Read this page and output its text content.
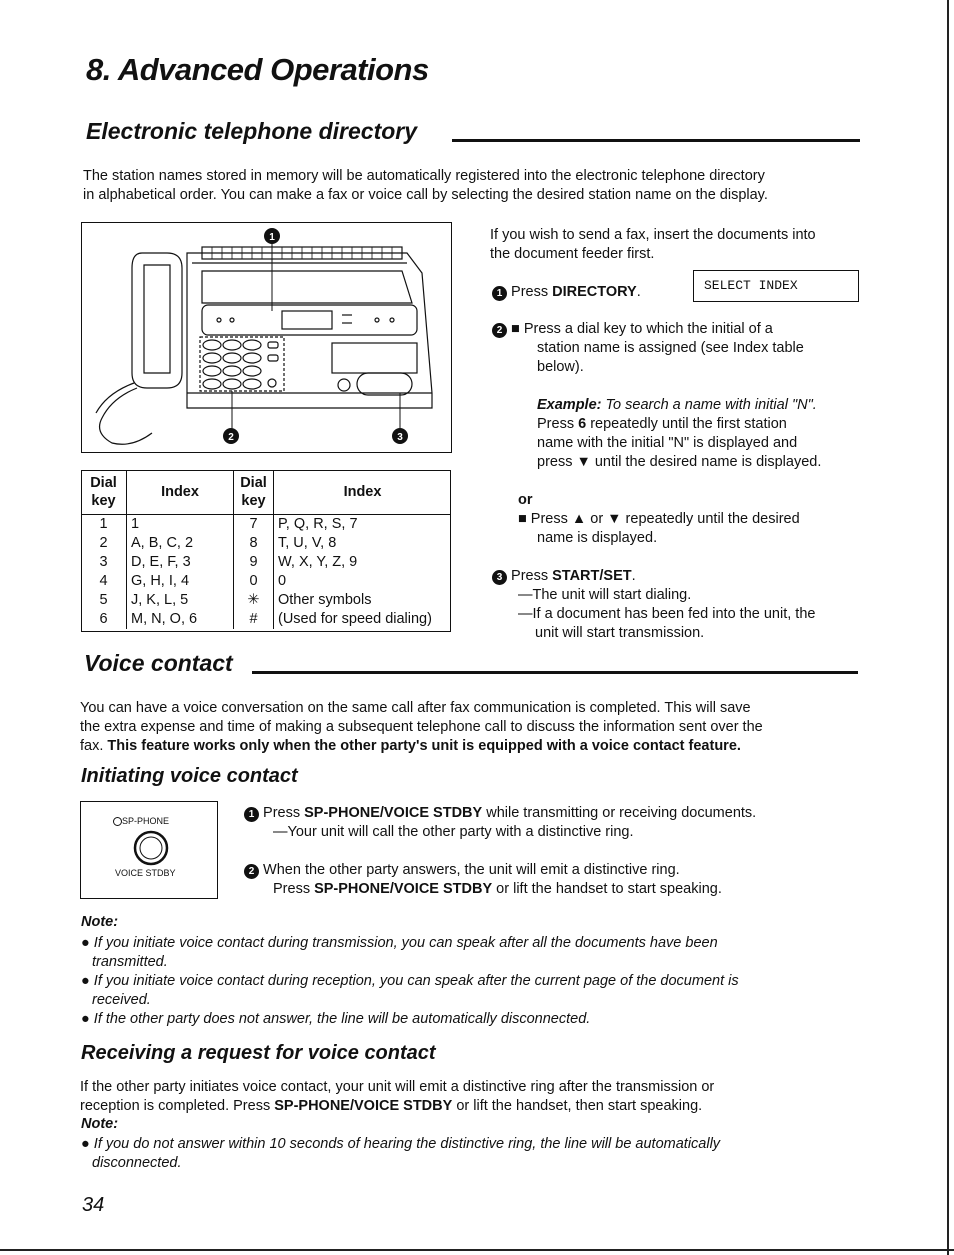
8. Advanced Operations
Electronic telephone directory
The station names stored in memory will be automatically registered into the electronic telephone directory
in alphabetical order. You can make a fax or voice call by selecting the desired station name on the display.
1
2	3
Dial key	Index	Dial key	Index
1	1	7	P, Q, R, S, 7
2	A, B, C, 2	8	T, U, V, 8
3	D, E, F, 3	9	W, X, Y, Z, 9
4	G, H, I, 4	0	0
5	J, K, L, 5	✳	Other symbols
6	M, N, O, 6	#	(Used for speed dialing)
If you wish to send a fax, insert the documents into
the document feeder first.
1 Press DIRECTORY.	SELECT INDEX
2 ■ Press a dial key to which the initial of a
station name is assigned (see Index table
below).
Example: To search a name with initial "N".
Press 6 repeatedly until the first station
name with the initial "N" is displayed and
press ▼ until the desired name is displayed.
or
■ Press ▲ or ▼ repeatedly until the desired
name is displayed.
3 Press START/SET.
—The unit will start dialing.
—If a document has been fed into the unit, the
unit will start transmission.
Voice contact
You can have a voice conversation on the same call after fax communication is completed. This will save
the extra expense and time of making a subsequent telephone call to discuss the information sent over the
fax. This feature works only when the other party's unit is equipped with a voice contact feature.
Initiating voice contact
SP-PHONE
VOICE STDBY
1 Press SP-PHONE/VOICE STDBY while transmitting or receiving documents.
—Your unit will call the other party with a distinctive ring.
2 When the other party answers, the unit will emit a distinctive ring.
Press SP-PHONE/VOICE STDBY or lift the handset to start speaking.
Note:
● If you initiate voice contact during transmission, you can speak after all the documents have been
transmitted.
● If you initiate voice contact during reception, you can speak after the current page of the document is
received.
● If the other party does not answer, the line will be automatically disconnected.
Receiving a request for voice contact
If the other party initiates voice contact, your unit will emit a distinctive ring after the transmission or
reception is completed. Press SP-PHONE/VOICE STDBY or lift the handset, then start speaking.
Note:
● If you do not answer within 10 seconds of hearing the distinctive ring, the line will be automatically
disconnected.
34
